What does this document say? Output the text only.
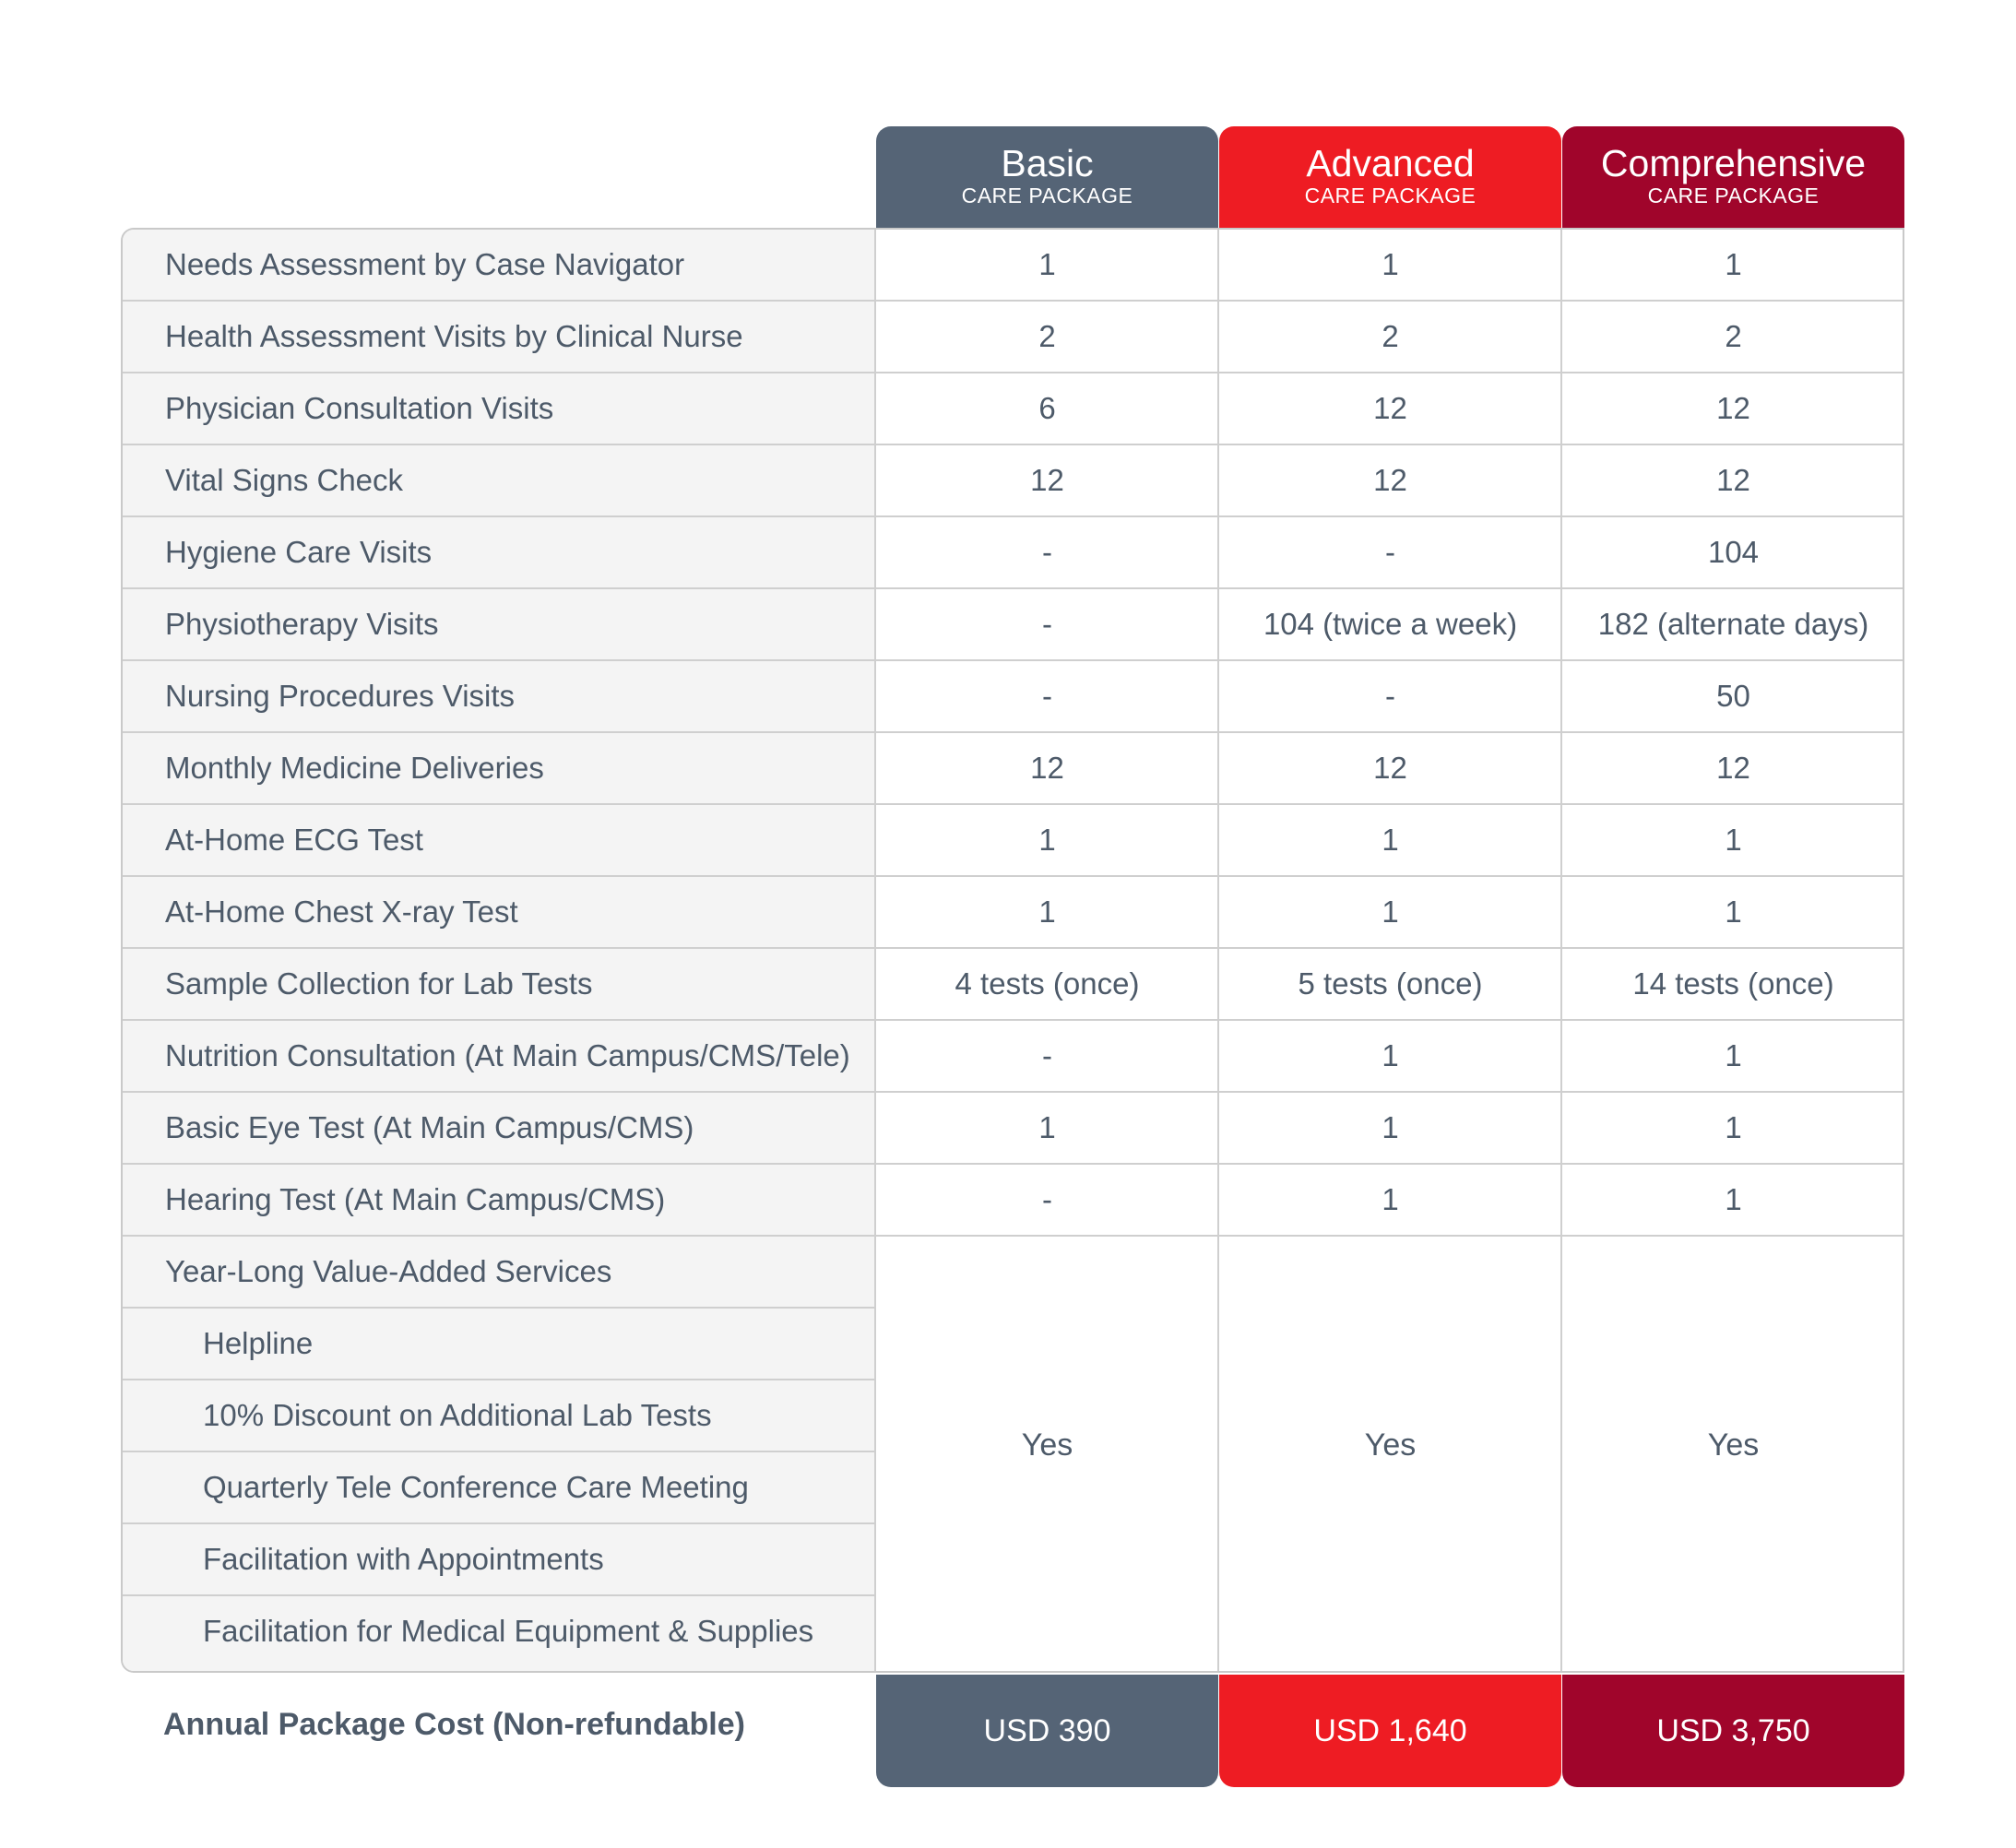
Basic
CARE PACKAGE
Advanced
CARE PACKAGE
Comprehensive
CARE PACKAGE
Needs Assessment by Case Navigator	1	1	1
Health Assessment Visits by Clinical Nurse	2	2	2
Physician Consultation Visits	6	12	12
Vital Signs Check	12	12	12
Hygiene Care Visits	-	-	104
Physiotherapy Visits	-	104 (twice a week)	182 (alternate days)
Nursing Procedures Visits	-	-	50
Monthly Medicine Deliveries	12	12	12
At-Home ECG Test	1	1	1
At-Home Chest X-ray Test	1	1	1
Sample Collection for Lab Tests	4 tests (once)	5 tests (once)	14 tests (once)
Nutrition Consultation (At Main Campus/CMS/Tele)	-	1	1
Basic Eye Test (At Main Campus/CMS)	1	1	1
Hearing Test (At Main Campus/CMS)	-	1	1
Year-Long Value-Added Services
Helpline
10% Discount on Additional Lab Tests
Quarterly Tele Conference Care Meeting
Facilitation with Appointments
Facilitation for Medical Equipment & Supplies
Yes	Yes	Yes
Annual Package Cost (Non-refundable)	USD 390	USD 1,640	USD 3,750
